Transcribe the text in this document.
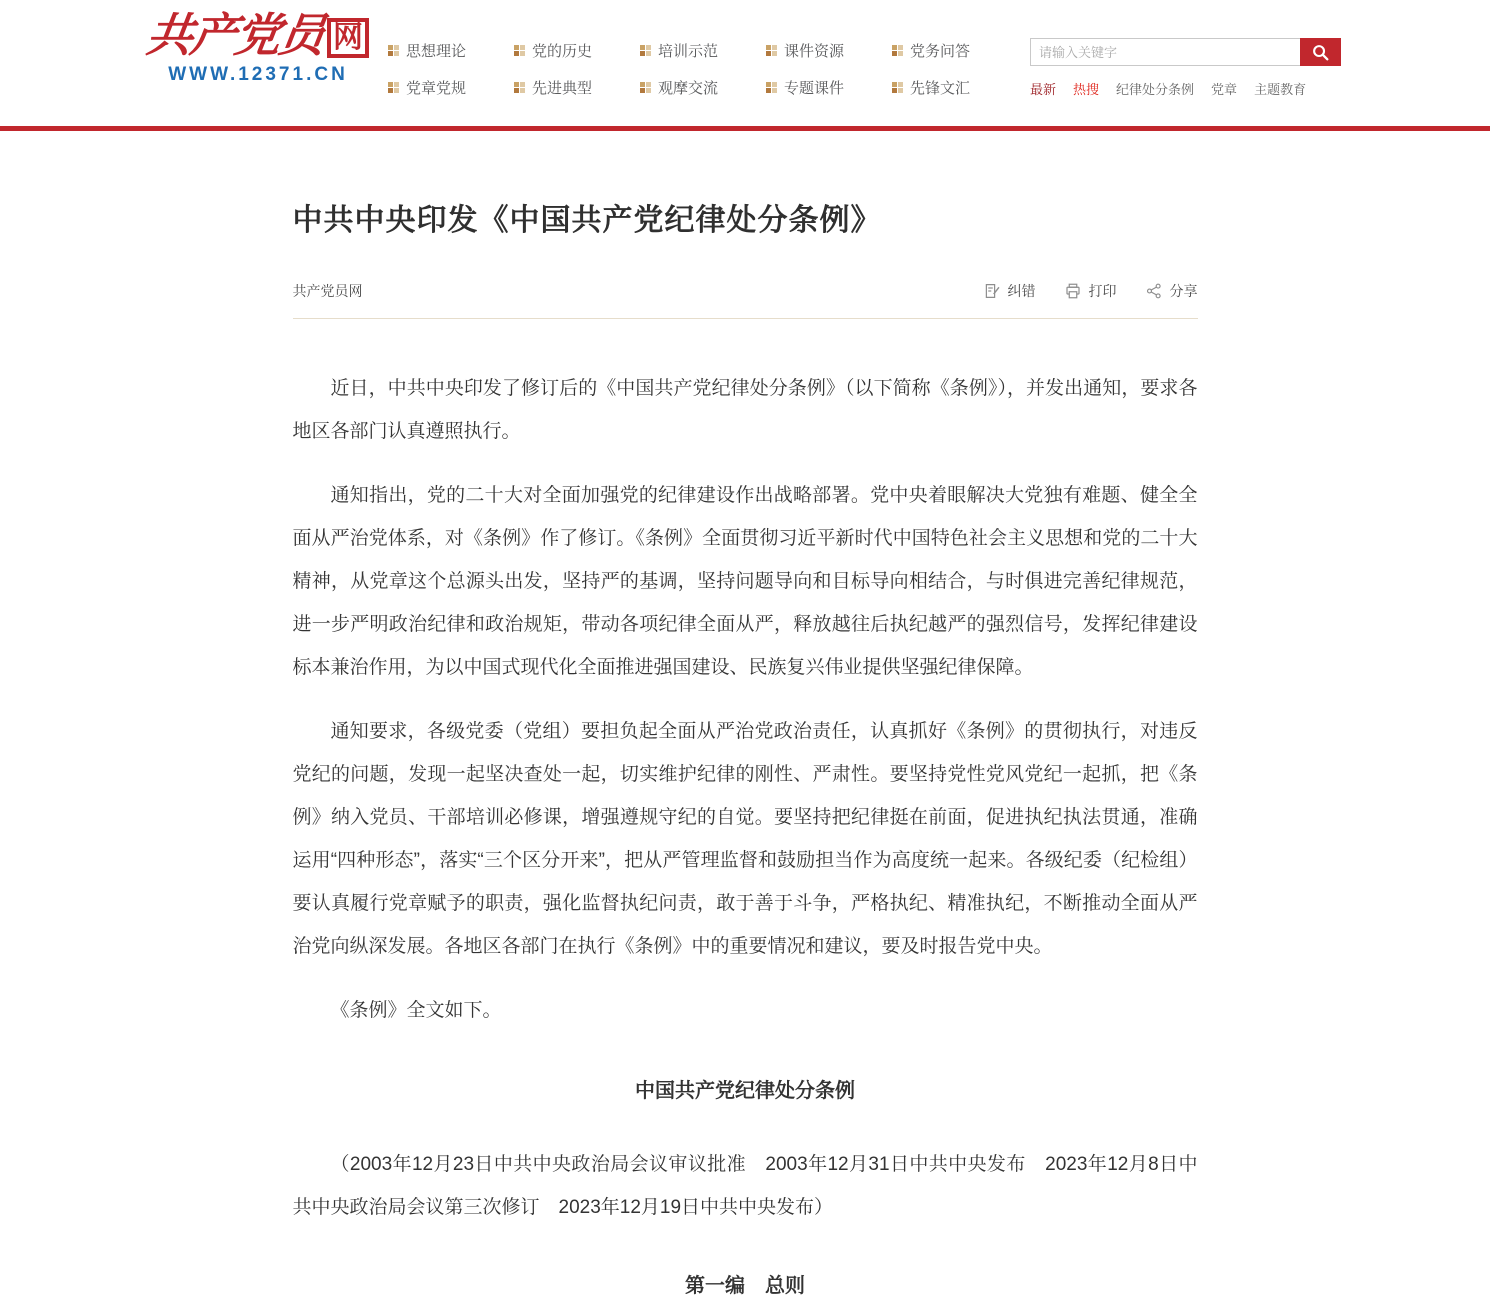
共产党员 网
WWW.12371.CN
思想理论	党的历史	培训示范	课件资源	党务问答
党章党规	先进典型	观摩交流	专题课件	先锋文汇
请输入关键字	最新 热搜 纪律处分条例 党章 主题教育
中共中央印发《中国共产党纪律处分条例》
共产党员网	纠错	打印	分享

近日，中共中央印发了修订后的《中国共产党纪律处分条例》（以下简称《条例》），并发出通知，要求各地区各部门认真遵照执行。

通知指出，党的二十大对全面加强党的纪律建设作出战略部署。党中央着眼解决大党独有难题、健全全面从严治党体系，对《条例》作了修订。《条例》全面贯彻习近平新时代中国特色社会主义思想和党的二十大精神，从党章这个总源头出发，坚持严的基调，坚持问题导向和目标导向相结合，与时俱进完善纪律规范，进一步严明政治纪律和政治规矩，带动各项纪律全面从严，释放越往后执纪越严的强烈信号，发挥纪律建设标本兼治作用，为以中国式现代化全面推进强国建设、民族复兴伟业提供坚强纪律保障。

通知要求，各级党委（党组）要担负起全面从严治党政治责任，认真抓好《条例》的贯彻执行，对违反党纪的问题，发现一起坚决查处一起，切实维护纪律的刚性、严肃性。要坚持党性党风党纪一起抓，把《条例》纳入党员、干部培训必修课，增强遵规守纪的自觉。要坚持把纪律挺在前面，促进执纪执法贯通，准确运用“四种形态”，落实“三个区分开来”，把从严管理监督和鼓励担当作为高度统一起来。各级纪委（纪检组）要认真履行党章赋予的职责，强化监督执纪问责，敢于善于斗争，严格执纪、精准执纪，不断推动全面从严治党向纵深发展。各地区各部门在执行《条例》中的重要情况和建议，要及时报告党中央。

《条例》全文如下。

中国共产党纪律处分条例

（2003年12月23日中共中央政治局会议审议批准　2003年12月31日中共中央发布　2023年12月8日中共中央政治局会议第三次修订　2023年12月19日中共中央发布）

第一编　总则
